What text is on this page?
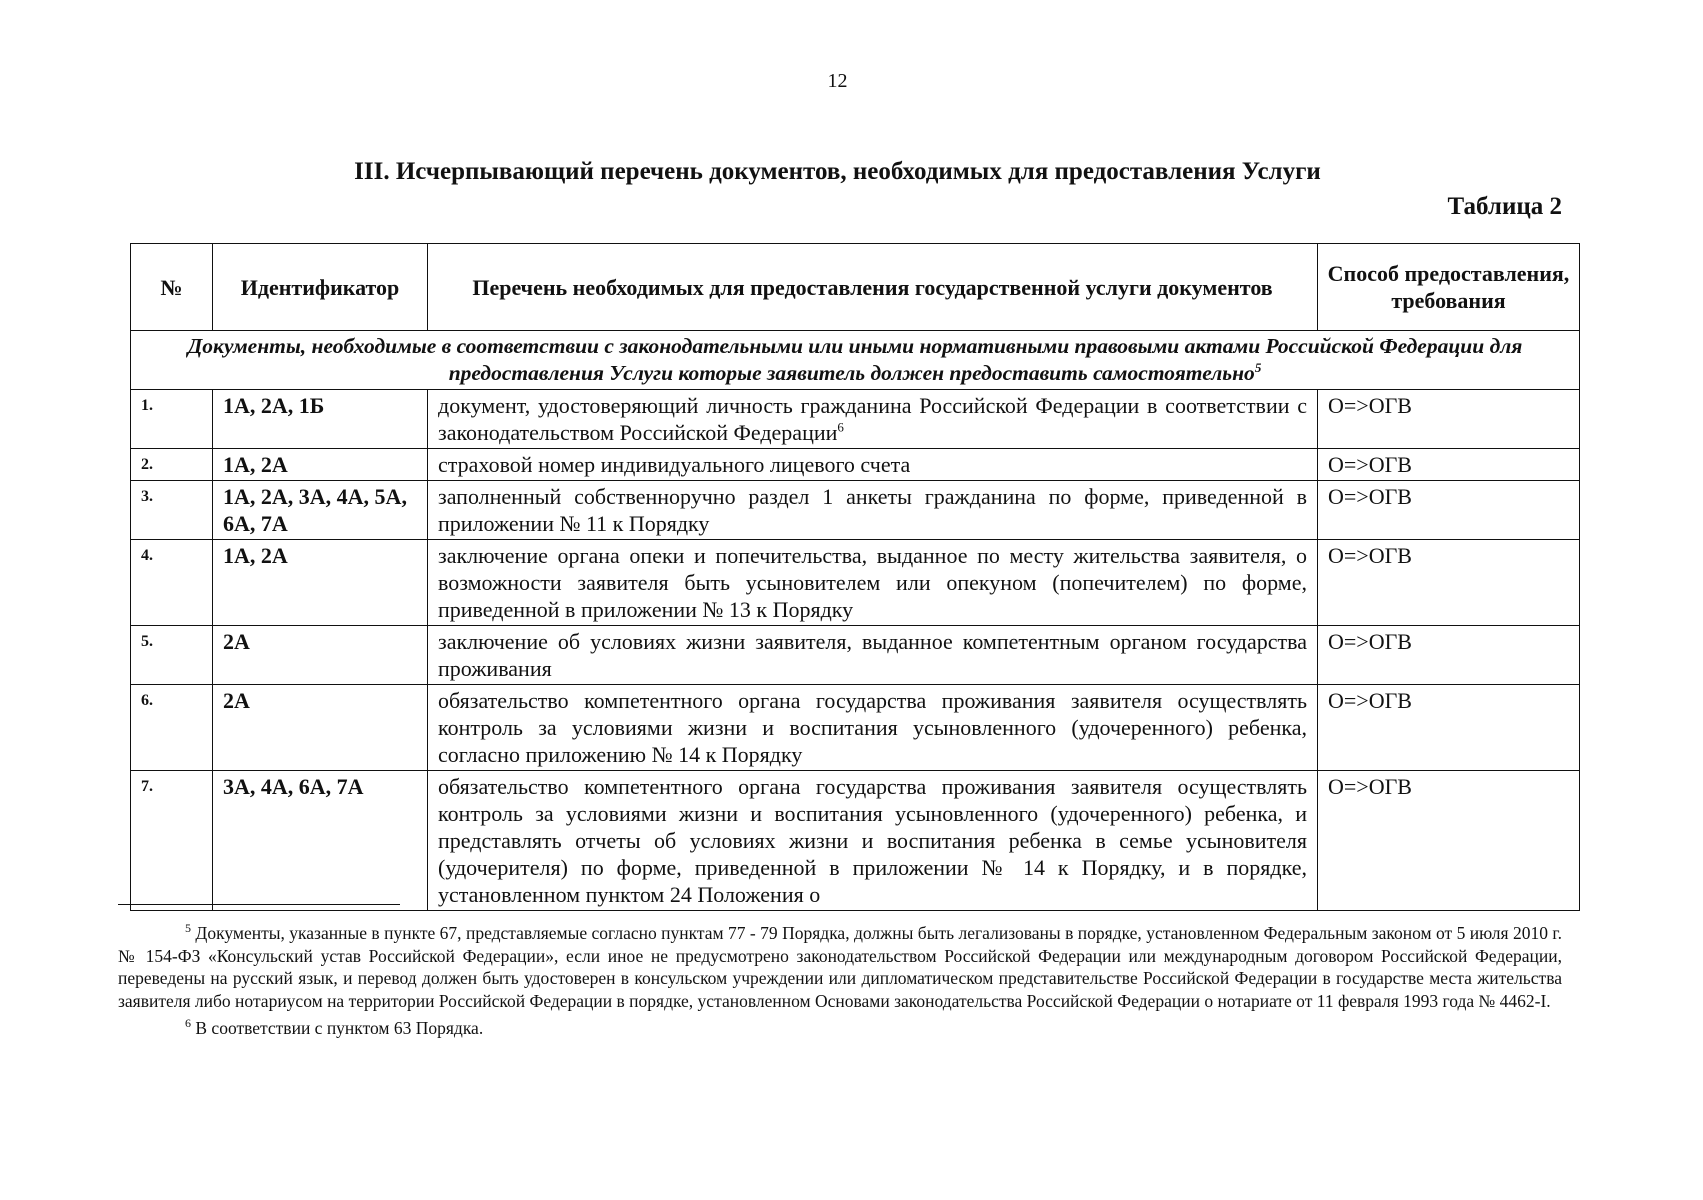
12
III. Исчерпывающий перечень документов, необходимых для предоставления Услуги
Таблица 2
№	Идентификатор	Перечень необходимых для предоставления государственной услуги документов	Способ предоставления, требования
Документы, необходимые в соответствии с законодательными или иными нормативными правовыми актами Российской Федерации для предоставления Услуги которые заявитель должен предоставить самостоятельно$^5$
1.	1А, 2А, 1Б	документ, удостоверяющий личность гражданина Российской Федерации в соответствии с законодательством Российской Федерации$^6$	О=>ОГВ
2.	1А, 2А	страховой номер индивидуального лицевого счета	О=>ОГВ
3.	1А, 2А, 3А, 4А, 5А, 6А, 7А	заполненный собственноручно раздел 1 анкеты гражданина по форме, приведенной в приложении № 11 к Порядку	О=>ОГВ
4.	1А, 2А	заключение органа опеки и попечительства, выданное по месту жительства заявителя, о возможности заявителя быть усыновителем или опекуном (попечителем) по форме, приведенной в приложении № 13 к Порядку	О=>ОГВ
5.	2А	заключение об условиях жизни заявителя, выданное компетентным органом государства проживания	О=>ОГВ
6.	2А	обязательство компетентного органа государства проживания заявителя осуществлять контроль за условиями жизни и воспитания усыновленного (удочеренного) ребенка, согласно приложению № 14 к Порядку	О=>ОГВ
7.	3А, 4А, 6А, 7А	обязательство компетентного органа государства проживания заявителя осуществлять контроль за условиями жизни и воспитания усыновленного (удочеренного) ребенка, и представлять отчеты об условиях жизни и воспитания ребенка в семье усыновителя (удочерителя) по форме, приведенной в приложении № 14 к Порядку, и в порядке, установленном пунктом 24 Положения о	О=>ОГВ

$^5$ Документы, указанные в пункте 67, представляемые согласно пунктам 77 - 79 Порядка, должны быть легализованы в порядке, установленном Федеральным законом от 5 июля 2010 г. № 154-ФЗ «Консульский устав Российской Федерации», если иное не предусмотрено законодательством Российской Федерации или международным договором Российской Федерации, переведены на русский язык, и перевод должен быть удостоверен в консульском учреждении или дипломатическом представительстве Российской Федерации в государстве места жительства заявителя либо нотариусом на территории Российской Федерации в порядке, установленном Основами законодательства Российской Федерации о нотариате от 11 февраля 1993 года № 4462-I.

$^6$ В соответствии с пунктом 63 Порядка.
